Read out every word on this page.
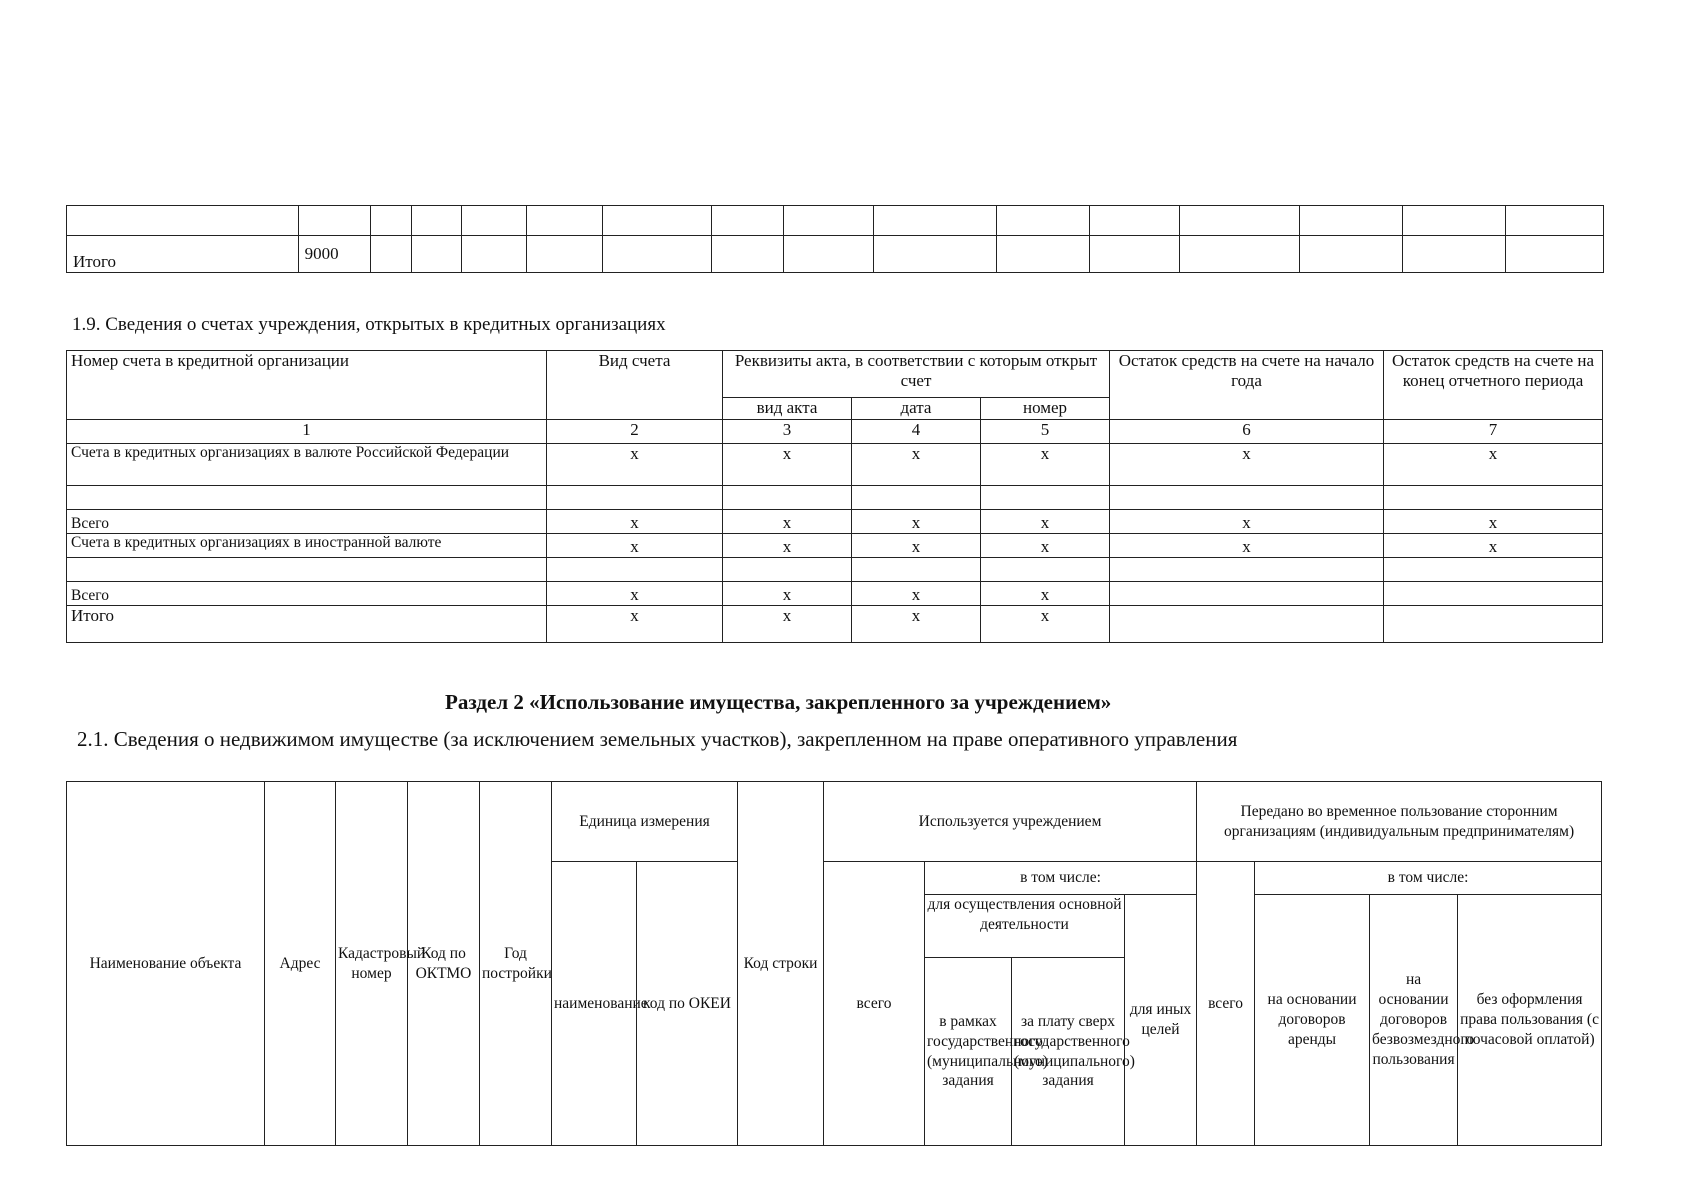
Итого	9000														
1.9. Сведения о счетах учреждения, открытых в кредитных организациях
Номер счета в кредитной организации	Вид счета	Реквизиты акта, в соответствии с которым открыт счет			Остаток средств на счете на начало года	Остаток средств на счете на конец отчетного периода
		вид акта	дата	номер		
1	2	3	4	5	6	7
Счета в кредитных организациях в валюте Российской Федерации	х	х	х	х	х	х

Всего	х	х	х	х	х	х
Счета в кредитных организациях в иностранной валюте	х	х	х	х	х	х

Всего	х	х	х	х		
Итого	х	х	х	х		
Раздел 2 «Использование имущества, закрепленного за учреждением»
2.1. Сведения о недвижимом имуществе (за исключением земельных участков), закрепленном на праве оперативного управления
Наименование объекта	Адрес	Кадастровый номер	Код по ОКТМО	Год постройки	Единица измерения		Код строки	Используется учреждением				Передано во временное пользование сторонним организациям (индивидуальным предпринимателям)			
					наименование	код по ОКЕИ		всего	в том числе:			всего	в том числе:		
									для осуществления основной деятельности		для иных целей		на основании договоров аренды	на основании договоров безвозмездного пользования	без оформления права пользования (с почасовой оплатой)
									в рамках государственного (муниципального) задания	за плату сверх государственного (муниципального) задания					
